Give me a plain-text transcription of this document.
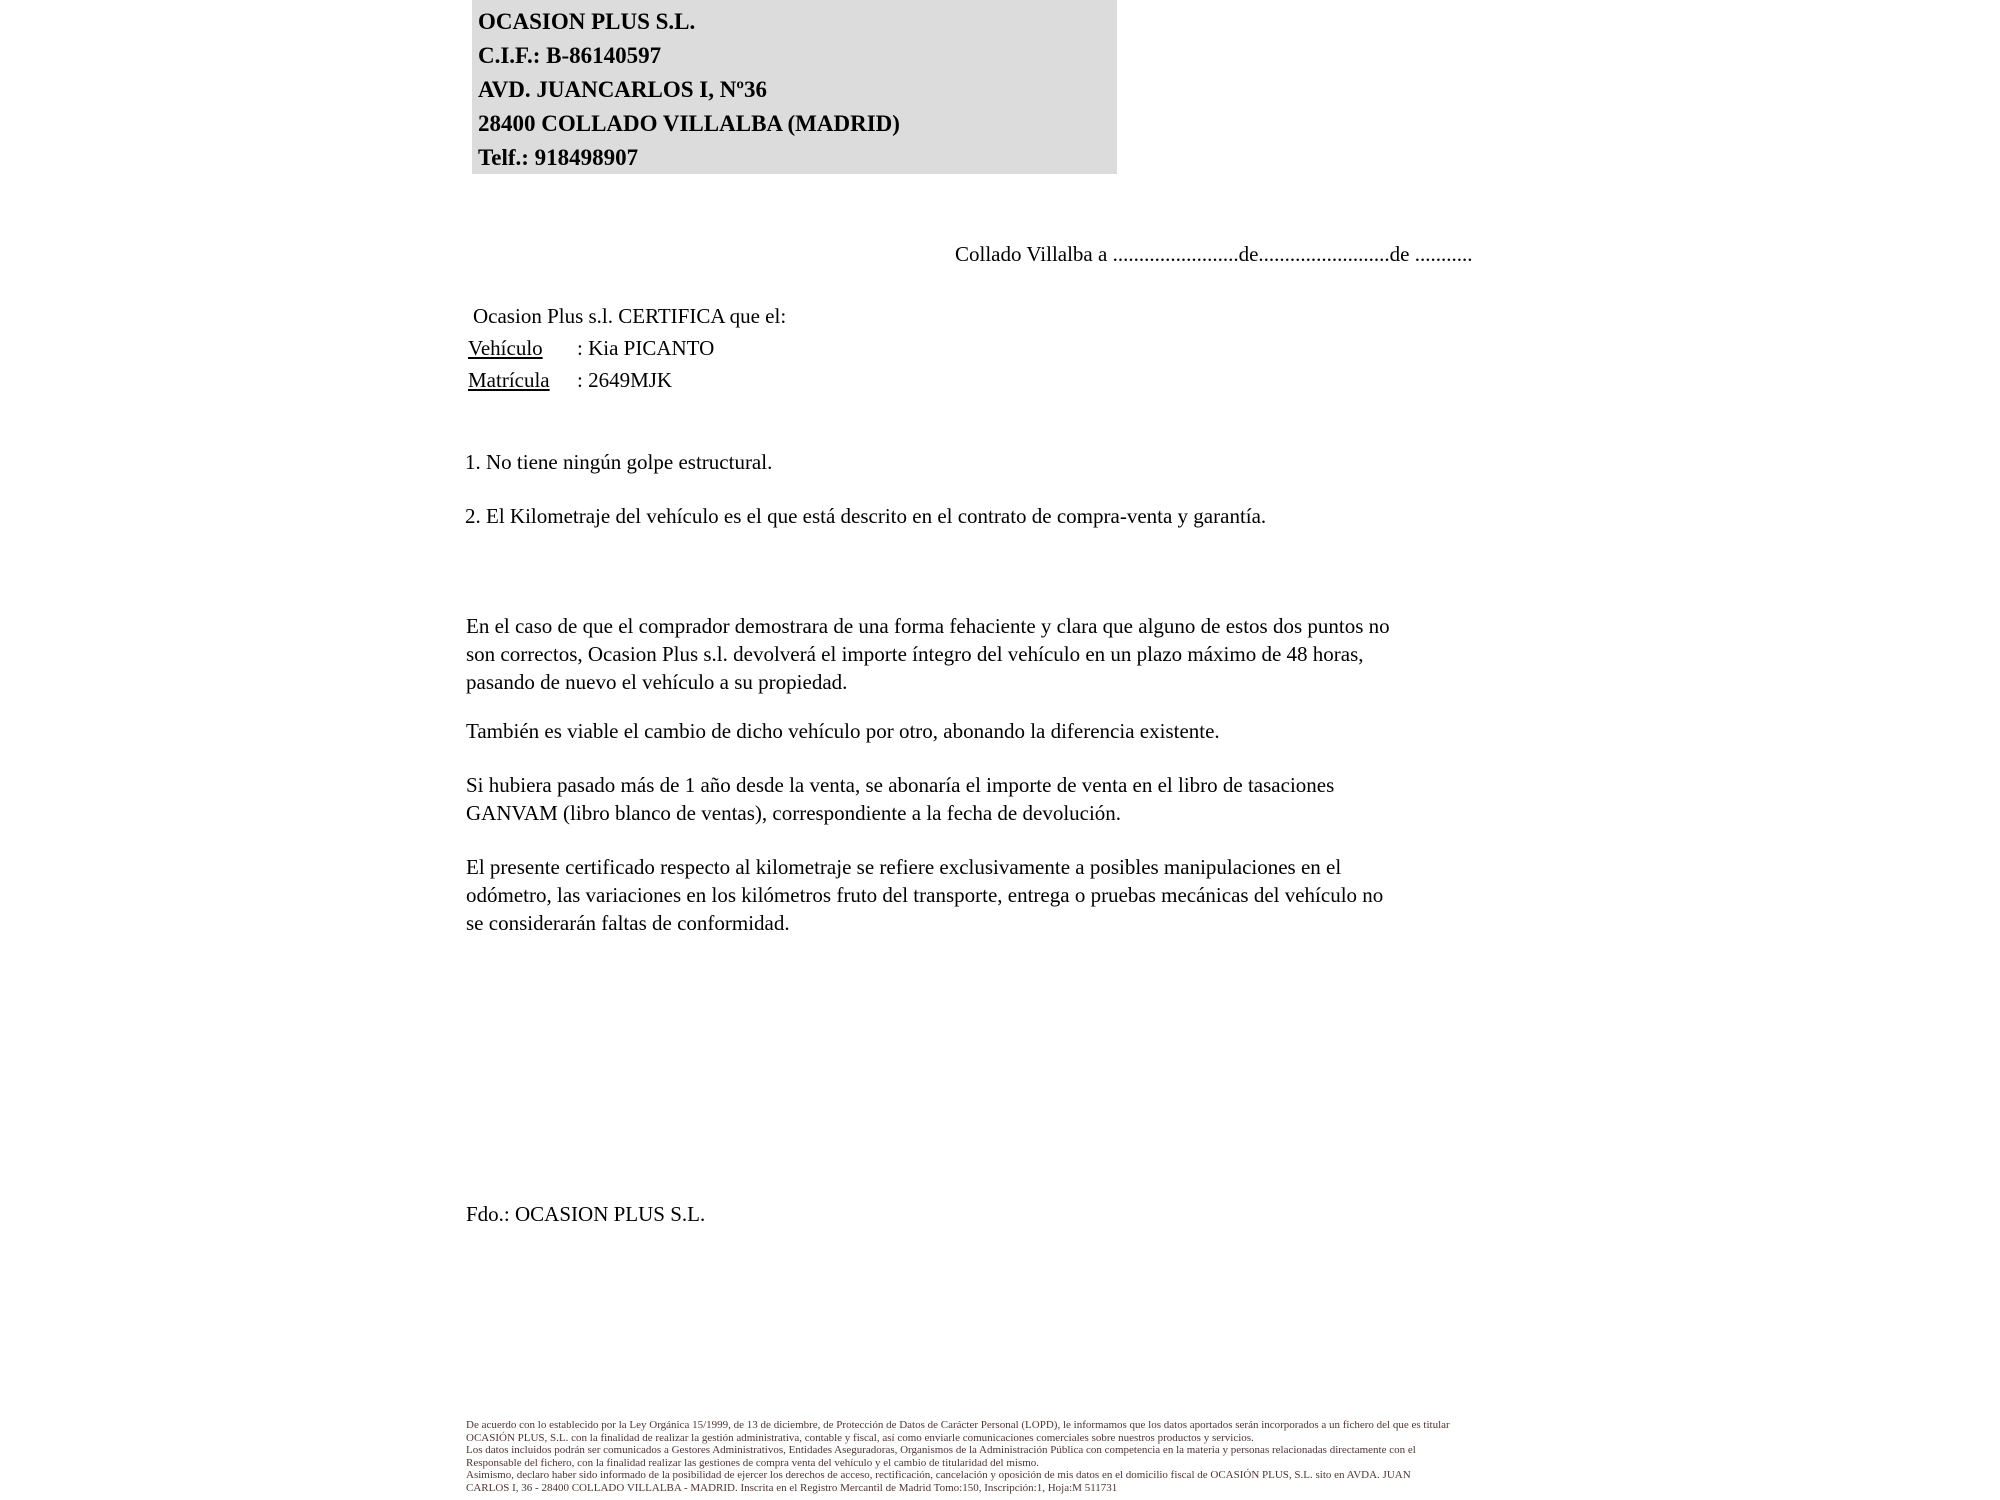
OCASION PLUS S.L.
C.I.F.: B-86140597
AVD. JUANCARLOS I, Nº36
28400 COLLADO VILLALBA (MADRID)
Telf.: 918498907
Collado Villalba a ........................de.........................de ...........
Ocasion Plus s.l. CERTIFICA que el:
Vehículo : Kia PICANTO
Matrícula : 2649MJK
1. No tiene ningún golpe estructural.
2. El Kilometraje del vehículo es el que está descrito en el contrato de compra-venta y garantía.
En el caso de que el comprador demostrara de una forma fehaciente y clara que alguno de estos dos puntos no
son correctos, Ocasion Plus s.l. devolverá el importe íntegro del vehículo en un plazo máximo de 48 horas,
pasando de nuevo el vehículo a su propiedad.
También es viable el cambio de dicho vehículo por otro, abonando la diferencia existente.
Si hubiera pasado más de 1 año desde la venta, se abonaría el importe de venta en el libro de tasaciones
GANVAM (libro blanco de ventas), correspondiente a la fecha de devolución.
El presente certificado respecto al kilometraje se refiere exclusivamente a posibles manipulaciones en el
odómetro, las variaciones en los kilómetros fruto del transporte, entrega o pruebas mecánicas del vehículo no
se considerarán faltas de conformidad.
Fdo.: OCASION PLUS S.L.
De acuerdo con lo establecido por la Ley Orgánica 15/1999, de 13 de diciembre, de Protección de Datos de Carácter Personal (LOPD), le informamos que los datos aportados serán incorporados a un fichero del que es titular
OCASIÓN PLUS, S.L. con la finalidad de realizar la gestión administrativa, contable y fiscal, así como enviarle comunicaciones comerciales sobre nuestros productos y servicios.
Los datos incluidos podrán ser comunicados a Gestores Administrativos, Entidades Aseguradoras, Organismos de la Administración Pública con competencia en la materia y personas relacionadas directamente con el
Responsable del fichero, con la finalidad realizar las gestiones de compra venta del vehículo y el cambio de titularidad del mismo.
Asimismo, declaro haber sido informado de la posibilidad de ejercer los derechos de acceso, rectificación, cancelación y oposición de mis datos en el domicilio fiscal de OCASIÓN PLUS, S.L. sito en AVDA. JUAN
CARLOS I, 36 - 28400 COLLADO VILLALBA - MADRID. Inscrita en el Registro Mercantil de Madrid Tomo:150, Inscripción:1, Hoja:M 511731
